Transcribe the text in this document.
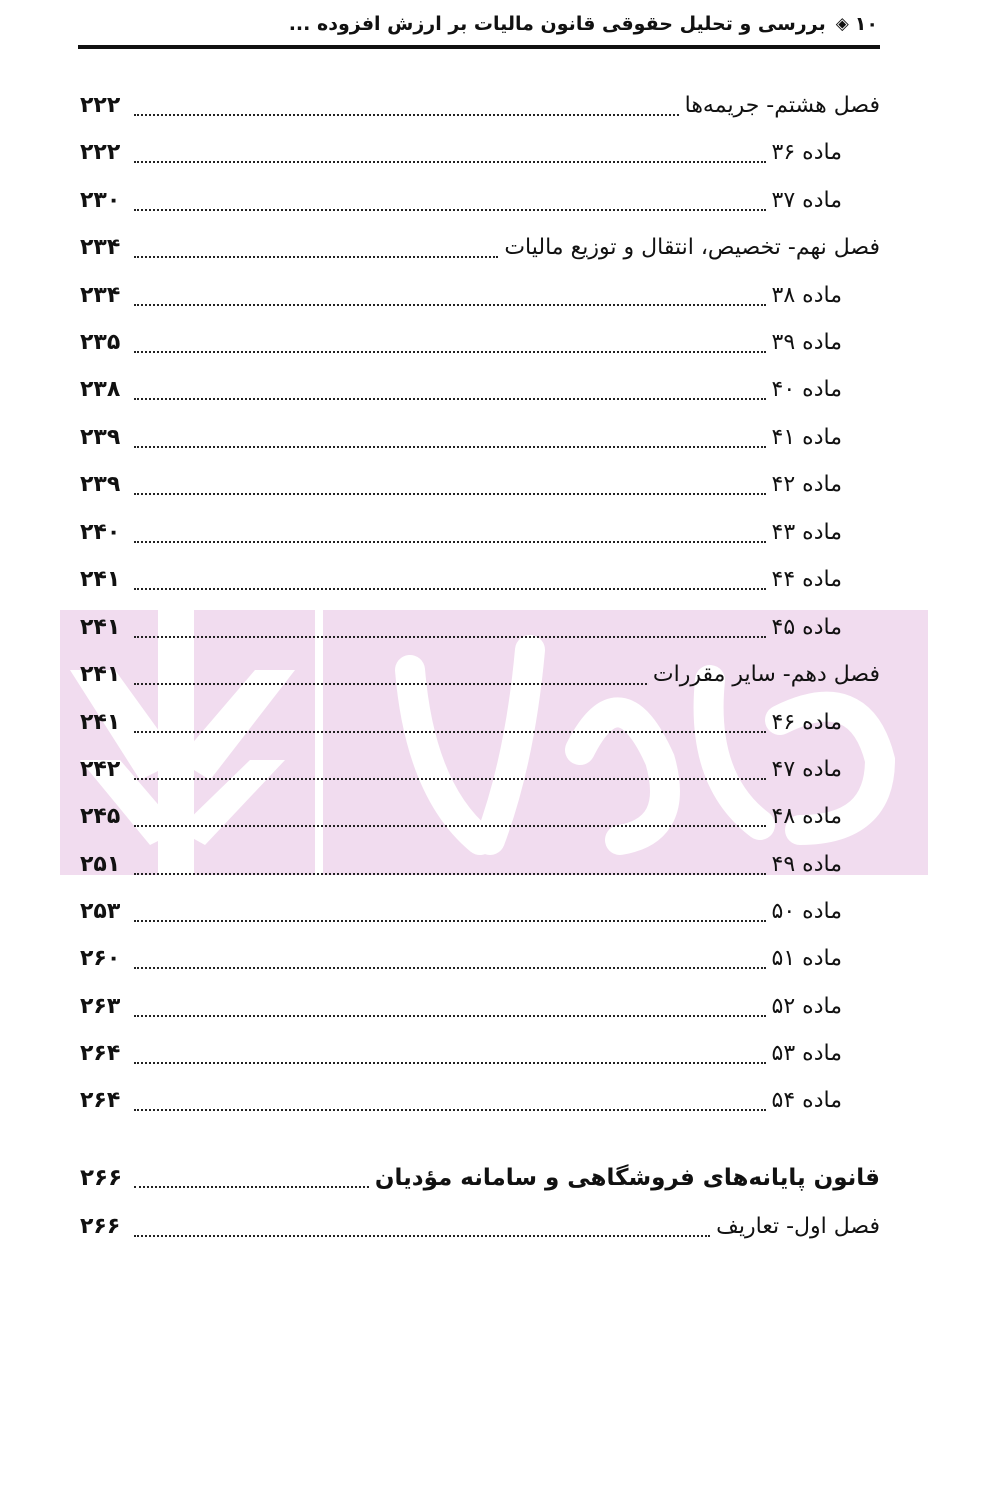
۱۰
◈
بررسی و تحلیل حقوقی قانون مالیات بر ارزش افزوده ...
۲۲۲	فصل هشتم- جریمه‌ها
۲۲۲	ماده ۳۶
۲۳۰	ماده ۳۷
۲۳۴	فصل نهم- تخصیص، انتقال و توزیع مالیات
۲۳۴	ماده ۳۸
۲۳۵	ماده ۳۹
۲۳۸	ماده ۴۰
۲۳۹	ماده ۴۱
۲۳۹	ماده ۴۲
۲۴۰	ماده ۴۳
۲۴۱	ماده ۴۴
۲۴۱	ماده ۴۵
۲۴۱	فصل دهم- سایر مقررات
۲۴۱	ماده ۴۶
۲۴۲	ماده ۴۷
۲۴۵	ماده ۴۸
۲۵۱	ماده ۴۹
۲۵۳	ماده ۵۰
۲۶۰	ماده ۵۱
۲۶۳	ماده ۵۲
۲۶۴	ماده ۵۳
۲۶۴	ماده ۵۴
۲۶۶	قانون پایانه‌های فروشگاهی و سامانه مؤدیان
۲۶۶	فصل اول- تعاریف
